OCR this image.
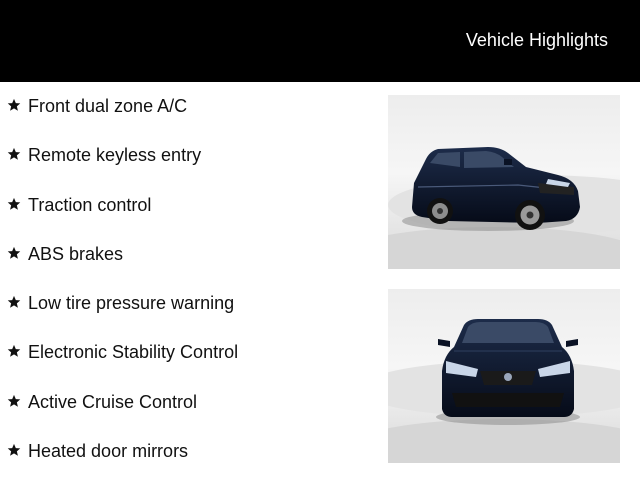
Vehicle Highlights
Front dual zone A/C
Remote keyless entry
Traction control
ABS brakes
Low tire pressure warning
Electronic Stability Control
Active Cruise Control
Heated door mirrors
